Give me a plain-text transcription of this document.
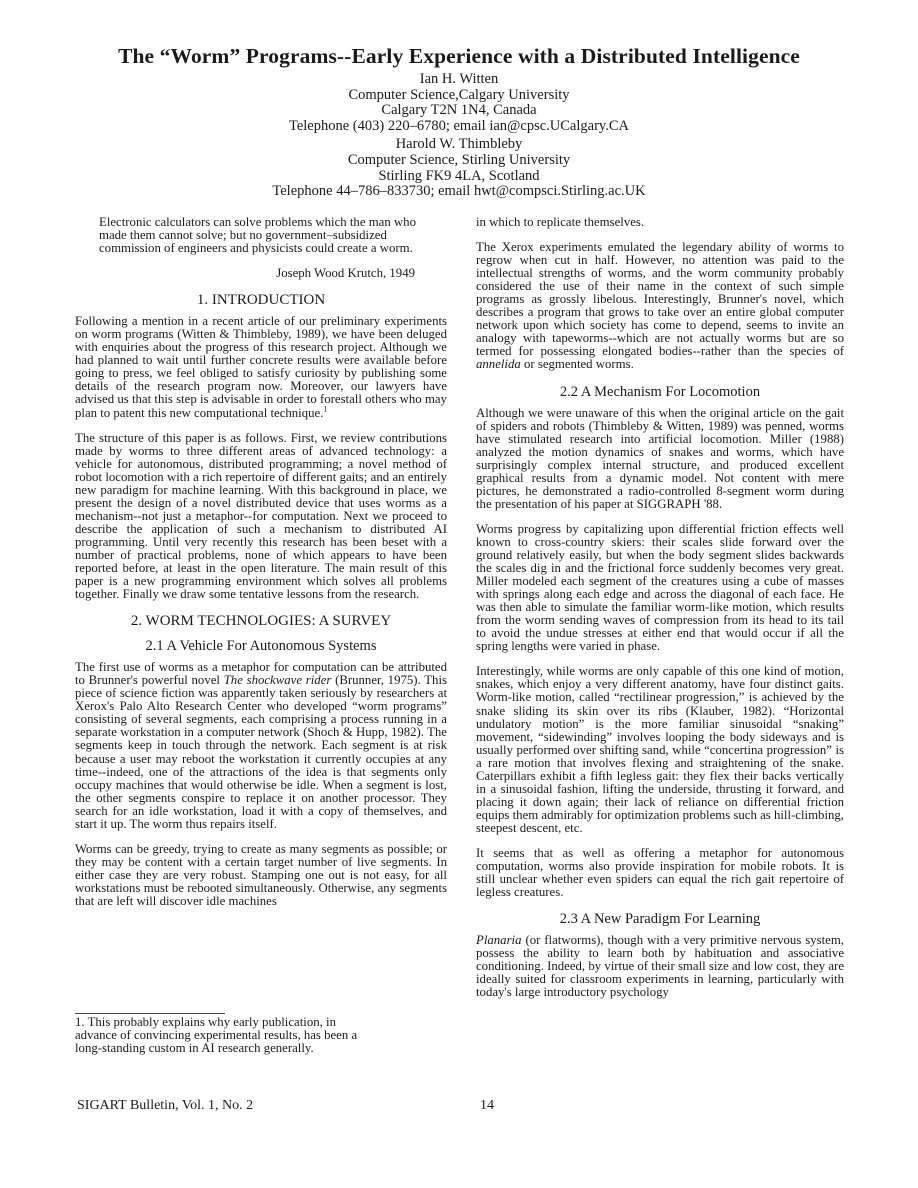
The “Worm” Programs--Early Experience with a Distributed Intelligence
Ian H. Witten
Computer Science,Calgary University
Calgary T2N 1N4, Canada
Telephone (403) 220–6780; email ian@cpsc.UCalgary.CA
Harold W. Thimbleby
Computer Science, Stirling University
Stirling FK9 4LA, Scotland
Telephone 44–786–833730; email hwt@compsci.Stirling.ac.UK

Electronic calculators can solve problems which the man who made them cannot solve; but no government–subsidized commission of engineers and physicists could create a worm.

Joseph Wood Krutch, 1949

1. INTRODUCTION

Following a mention in a recent article of our preliminary experiments on worm programs (Witten & Thimbleby, 1989), we have been deluged with enquiries about the progress of this research project. Although we had planned to wait until further concrete results were available before going to press, we feel obliged to satisfy curiosity by publishing some details of the research program now. Moreover, our lawyers have advised us that this step is advisable in order to forestall others who may plan to patent this new computational technique.$^1$

The structure of this paper is as follows. First, we review contributions made by worms to three different areas of advanced technology: a vehicle for autonomous, distributed programming; a novel method of robot locomotion with a rich repertoire of different gaits; and an entirely new paradigm for machine learning. With this background in place, we present the design of a novel distributed device that uses worms as a mechanism--not just a metaphor--for computation. Next we proceed to describe the application of such a mechanism to distributed AI programming. Until very recently this research has been beset with a number of practical problems, none of which appears to have been reported before, at least in the open literature. The main result of this paper is a new programming environment which solves all problems together. Finally we draw some tentative lessons from the research.

2. WORM TECHNOLOGIES: A SURVEY
2.1 A Vehicle For Autonomous Systems

The first use of worms as a metaphor for computation can be attributed to Brunner's powerful novel The shockwave rider (Brunner, 1975). This piece of science fiction was apparently taken seriously by researchers at Xerox's Palo Alto Research Center who developed “worm programs” consisting of several segments, each comprising a process running in a separate workstation in a computer network (Shoch & Hupp, 1982). The segments keep in touch through the network. Each segment is at risk because a user may reboot the workstation it currently occupies at any time--indeed, one of the attractions of the idea is that segments only occupy machines that would otherwise be idle. When a segment is lost, the other segments conspire to replace it on another processor. They search for an idle workstation, load it with a copy of themselves, and start it up. The worm thus repairs itself.

Worms can be greedy, trying to create as many segments as possible; or they may be content with a certain target number of live segments. In either case they are very robust. Stamping one out is not easy, for all workstations must be rebooted simultaneously. Otherwise, any segments that are left will discover idle machines

in which to replicate themselves.

The Xerox experiments emulated the legendary ability of worms to regrow when cut in half. However, no attention was paid to the intellectual strengths of worms, and the worm community probably considered the use of their name in the context of such simple programs as grossly libelous. Interestingly, Brunner's novel, which describes a program that grows to take over an entire global computer network upon which society has come to depend, seems to invite an analogy with tapeworms--which are not actually worms but are so termed for possessing elongated bodies--rather than the species of annelida or segmented worms.

2.2 A Mechanism For Locomotion

Although we were unaware of this when the original article on the gait of spiders and robots (Thimbleby & Witten, 1989) was penned, worms have stimulated research into artificial locomotion. Miller (1988) analyzed the motion dynamics of snakes and worms, which have surprisingly complex internal structure, and produced excellent graphical results from a dynamic model. Not content with mere pictures, he demonstrated a radio-controlled 8-segment worm during the presentation of his paper at SIGGRAPH '88.

Worms progress by capitalizing upon differential friction effects well known to cross-country skiers: their scales slide forward over the ground relatively easily, but when the body segment slides backwards the scales dig in and the frictional force suddenly becomes very great. Miller modeled each segment of the creatures using a cube of masses with springs along each edge and across the diagonal of each face. He was then able to simulate the familiar worm-like motion, which results from the worm sending waves of compression from its head to its tail to avoid the undue stresses at either end that would occur if all the spring lengths were varied in phase.

Interestingly, while worms are only capable of this one kind of motion, snakes, which enjoy a very different anatomy, have four distinct gaits. Worm-like motion, called “rectilinear progression,” is achieved by the snake sliding its skin over its ribs (Klauber, 1982). “Horizontal undulatory motion” is the more familiar sinusoidal “snaking” movement, “sidewinding” involves looping the body sideways and is usually performed over shifting sand, while “concertina progression” is a rare motion that involves flexing and straightening of the snake. Caterpillars exhibit a fifth legless gait: they flex their backs vertically in a sinusoidal fashion, lifting the underside, thrusting it forward, and placing it down again; their lack of reliance on differential friction equips them admirably for optimization problems such as hill-climbing, steepest descent, etc.

It seems that as well as offering a metaphor for autonomous computation, worms also provide inspiration for mobile robots. It is still unclear whether even spiders can equal the rich gait repertoire of legless creatures.

2.3 A New Paradigm For Learning

Planaria (or flatworms), though with a very primitive nervous system, possess the ability to learn both by habituation and associative conditioning. Indeed, by virtue of their small size and low cost, they are ideally suited for classroom experiments in learning, particularly with today's large introductory psychology

1. This probably explains why early publication, in advance of convincing experimental results, has been a long-standing custom in AI research generally.
SIGART Bulletin, Vol. 1, No. 2	14
